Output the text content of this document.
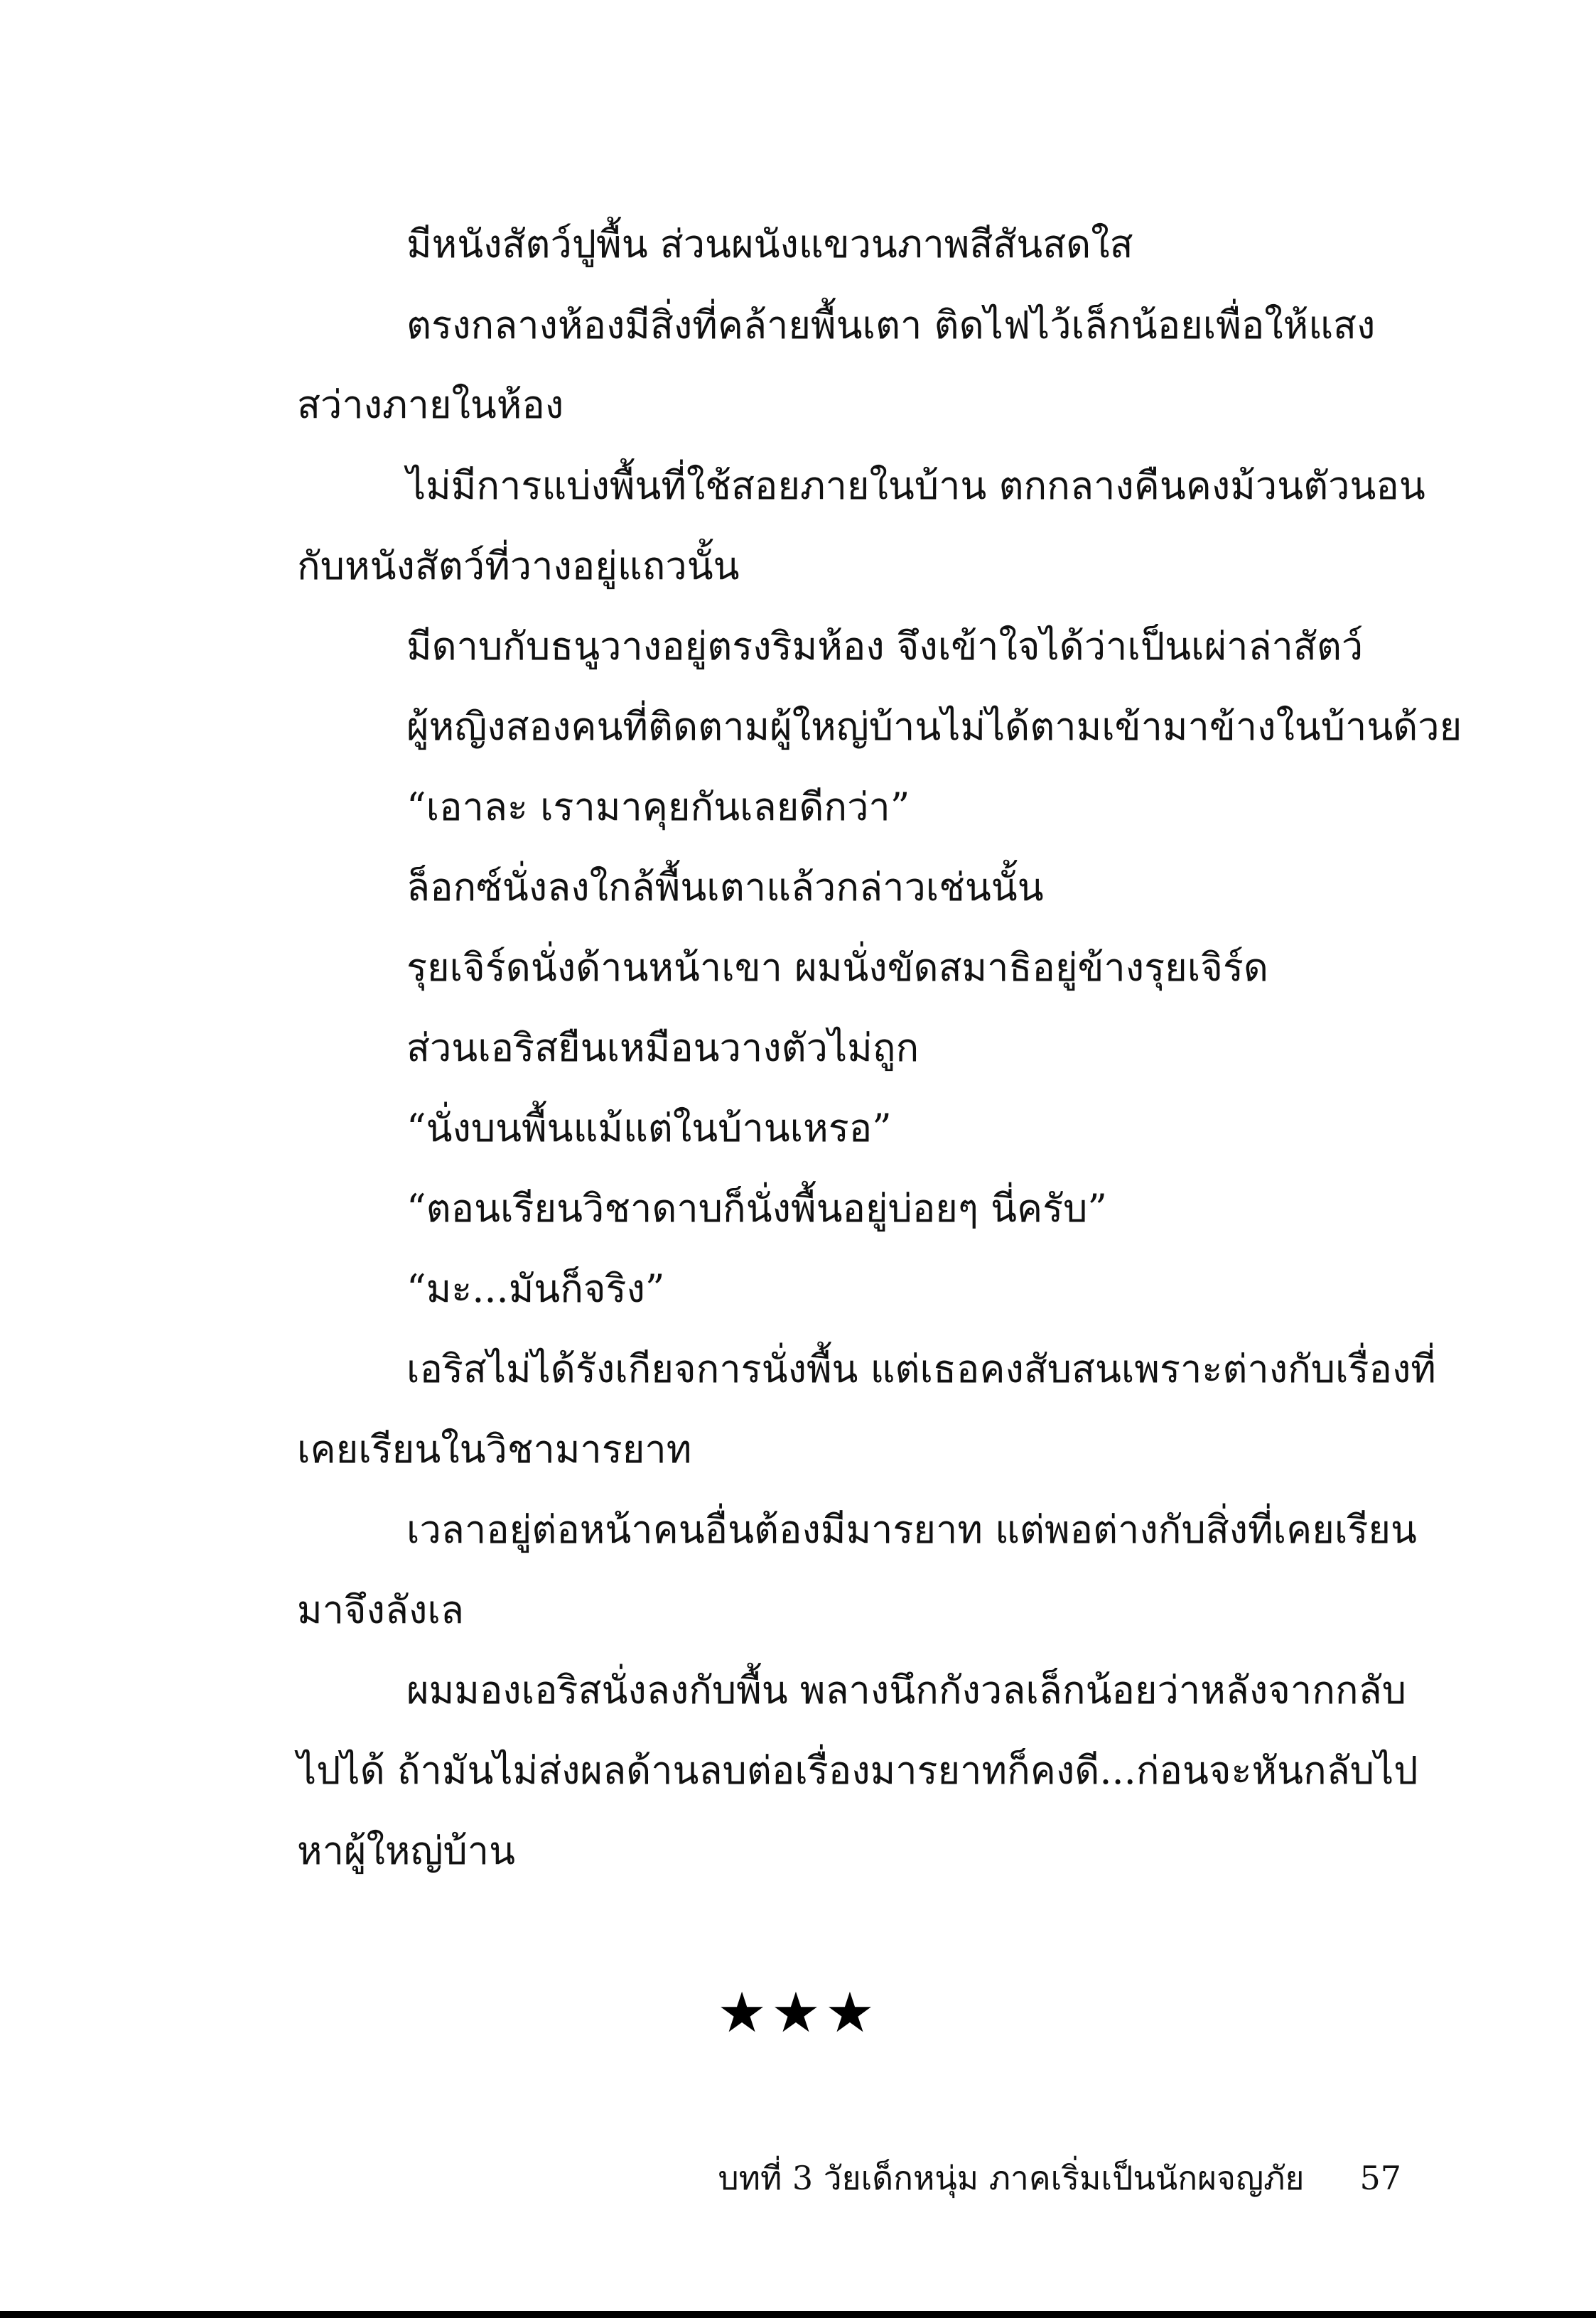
มีหนังสัตว์ปูพื้น ส่วนผนังแขวนภาพสีสันสดใส
ตรงกลางห้องมีสิ่งที่คล้ายพื้นเตา ติดไฟไว้เล็กน้อยเพื่อให้แสง
สว่างภายในห้อง
ไม่มีการแบ่งพื้นที่ใช้สอยภายในบ้าน ตกกลางคืนคงม้วนตัวนอน
กับหนังสัตว์ที่วางอยู่แถวนั้น
มีดาบกับธนูวางอยู่ตรงริมห้อง จึงเข้าใจได้ว่าเป็นเผ่าล่าสัตว์
ผู้หญิงสองคนที่ติดตามผู้ใหญ่บ้านไม่ได้ตามเข้ามาข้างในบ้านด้วย
“เอาละ เรามาคุยกันเลยดีกว่า”
ล็อกซ์นั่งลงใกล้พื้นเตาแล้วกล่าวเช่นนั้น
รุยเจิร์ดนั่งด้านหน้าเขา ผมนั่งขัดสมาธิอยู่ข้างรุยเจิร์ด
ส่วนเอริสยืนเหมือนวางตัวไม่ถูก
“นั่งบนพื้นแม้แต่ในบ้านเหรอ”
“ตอนเรียนวิชาดาบก็นั่งพื้นอยู่บ่อยๆ นี่ครับ”
“มะ...มันก็จริง”
เอริสไม่ได้รังเกียจการนั่งพื้น แต่เธอคงสับสนเพราะต่างกับเรื่องที่
เคยเรียนในวิชามารยาท
เวลาอยู่ต่อหน้าคนอื่นต้องมีมารยาท แต่พอต่างกับสิ่งที่เคยเรียน
มาจึงลังเล
ผมมองเอริสนั่งลงกับพื้น พลางนึกกังวลเล็กน้อยว่าหลังจากกลับ
ไปได้ ถ้ามันไม่ส่งผลด้านลบต่อเรื่องมารยาทก็คงดี...ก่อนจะหันกลับไป
หาผู้ใหญ่บ้าน
★★★
บทที่ 3 วัยเด็กหนุ่ม ภาคเริ่มเป็นนักผจญภัย 57
